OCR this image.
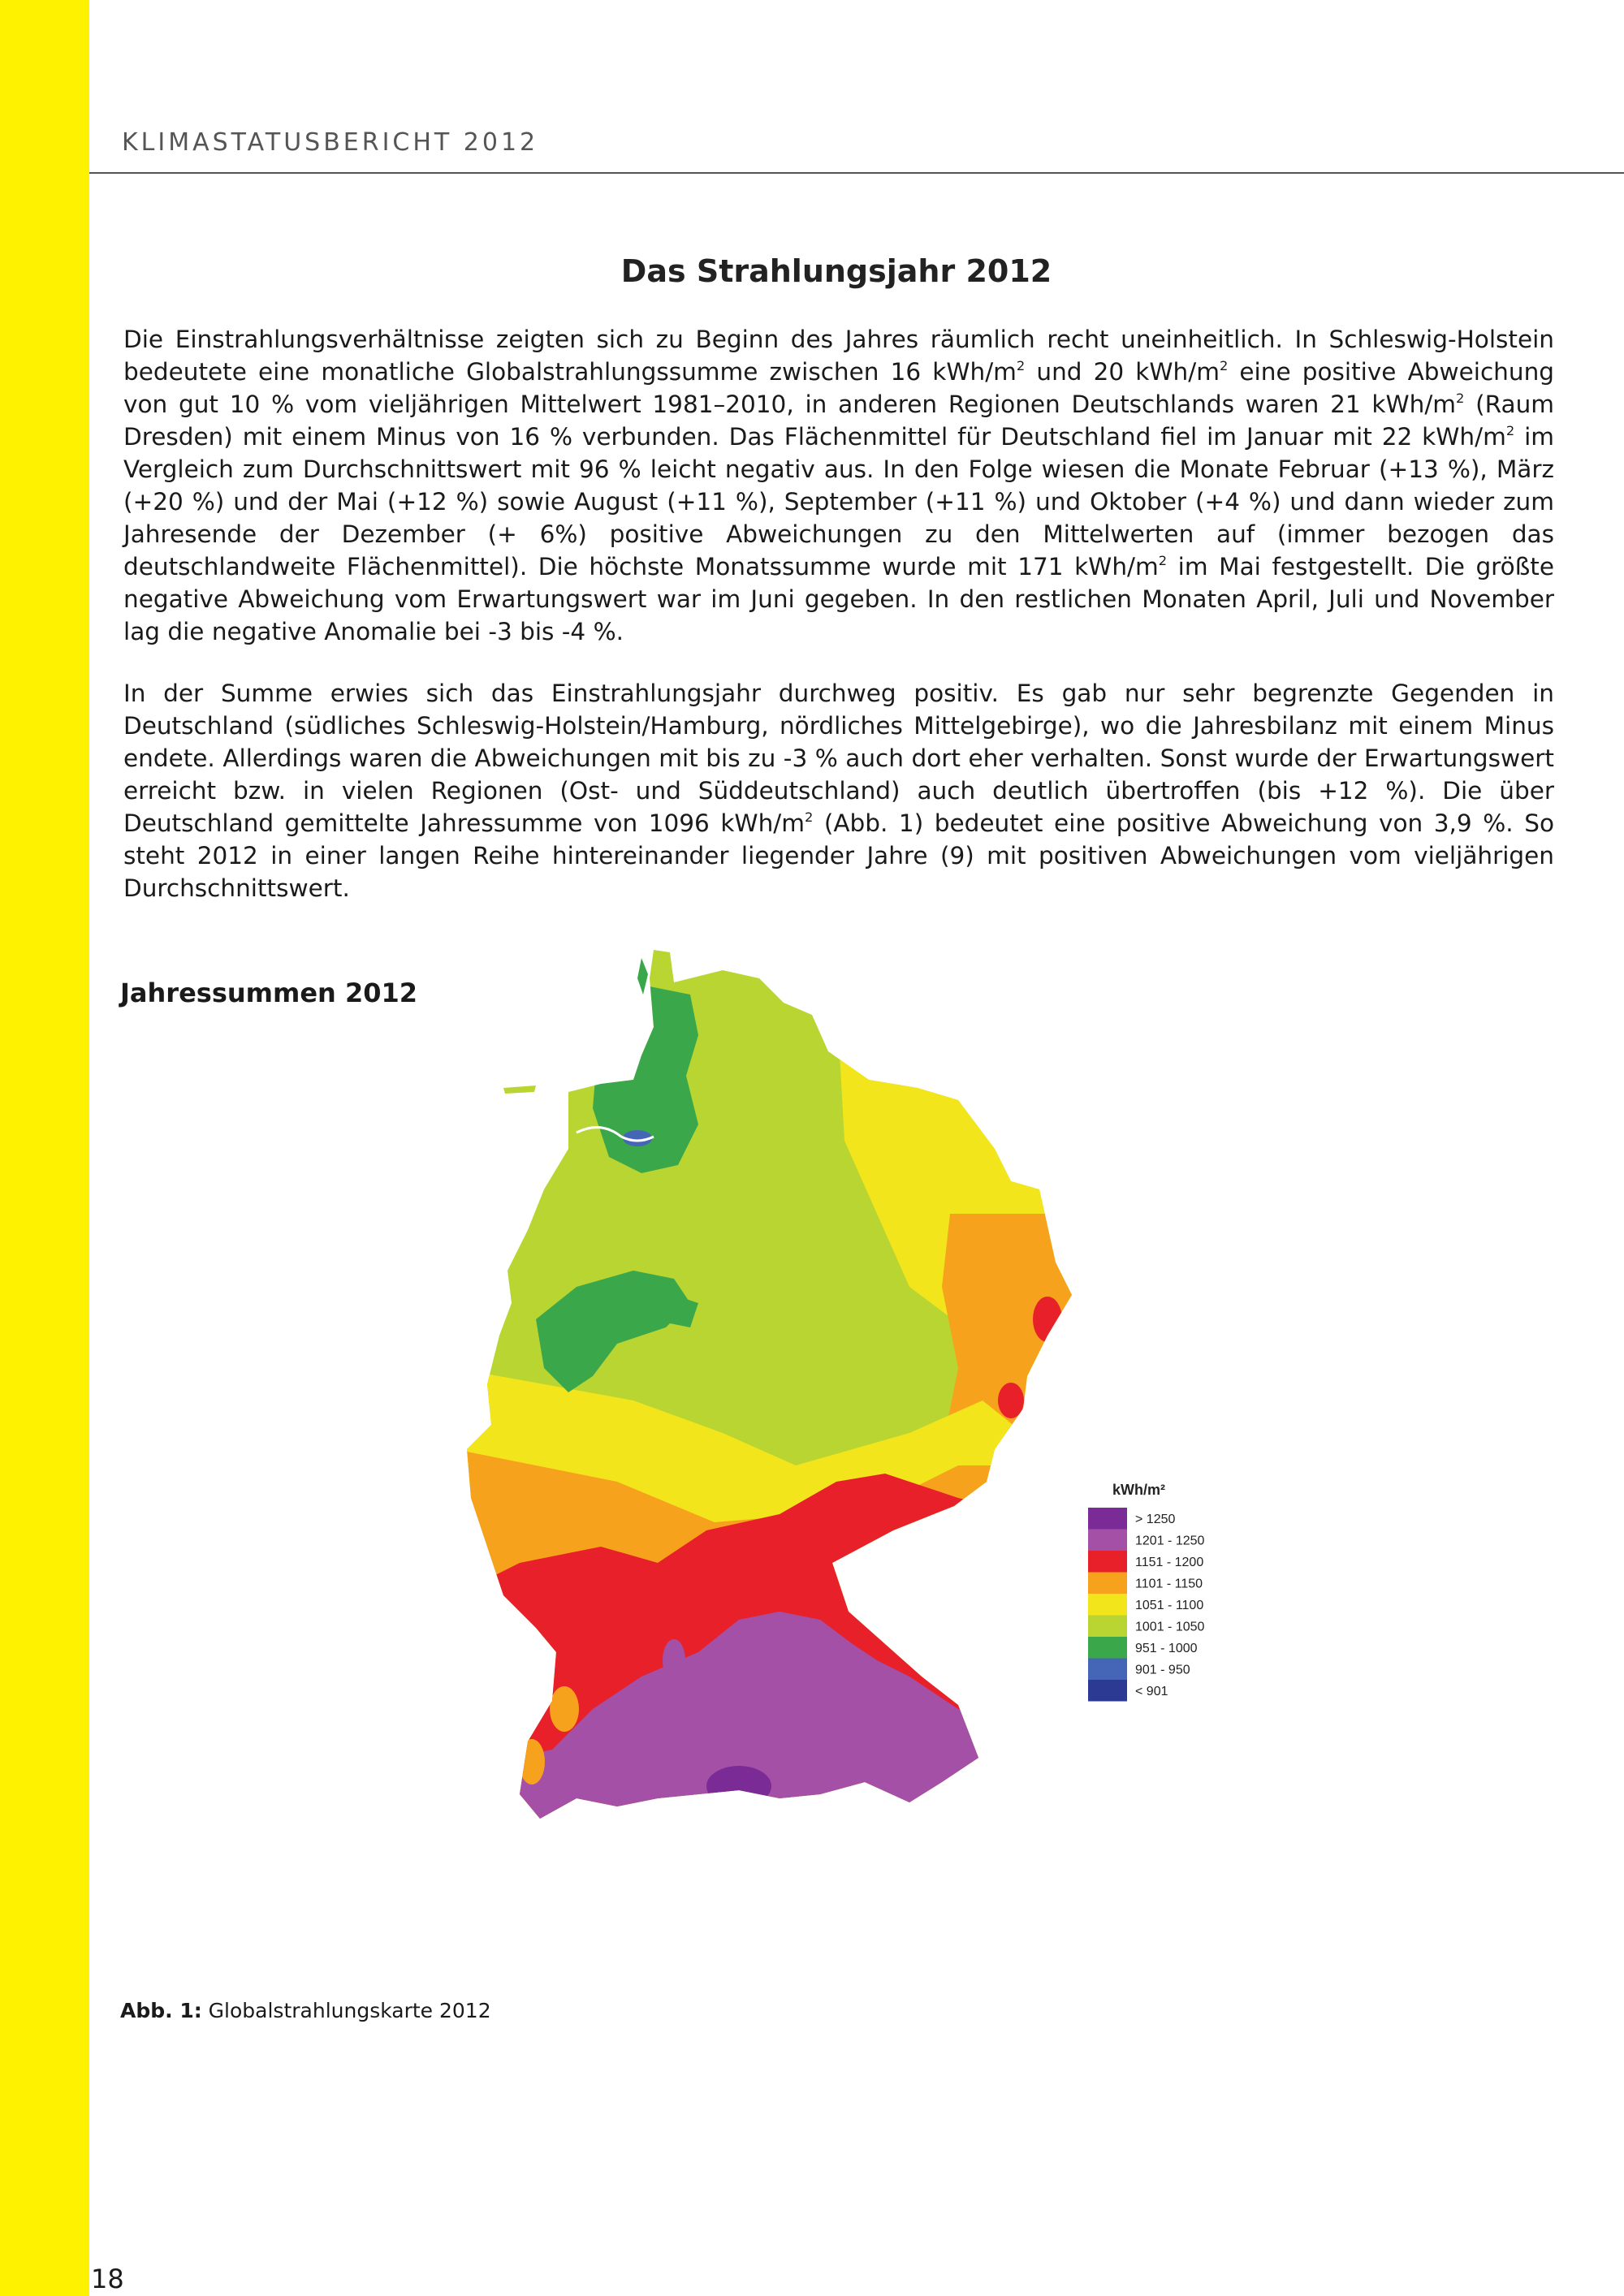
KLIMASTATUSBERICHT 2012
Das Strahlungsjahr 2012

Die Einstrahlungsverhältnisse zeigten sich zu Beginn des Jahres räumlich recht uneinheitlich. In Schleswig-Holstein bedeutete eine monatliche Globalstrahlungssumme zwischen 16 kWh/$m^2$ und 20 kWh/$m^2$ eine positive Abweichung von gut 10 % vom vieljährigen Mittelwert 1981–2010, in anderen Regionen Deutschlands waren 21 kWh/$m^2$ (Raum Dresden) mit einem Minus von 16 % verbunden. Das Flächenmittel für Deutschland fiel im Januar mit 22 kWh/$m^2$ im Vergleich zum Durchschnittswert mit 96 % leicht negativ aus. In den Folge wiesen die Monate Februar (+13 %), März (+20 %) und der Mai (+12 %) sowie August (+11 %), September (+11 %) und Oktober (+4 %) und dann wieder zum Jahresende der Dezember (+ 6%) positive Abweichungen zu den Mittelwerten auf (immer bezogen das deutschlandweite Flächenmittel). Die höchste Monatssumme wurde mit 171 kWh/$m^2$ im Mai festgestellt. Die größte negative Abweichung vom Erwartungswert war im Juni gegeben. In den restlichen Monaten April, Juli und November lag die negative Anomalie bei -3 bis -4 %.

In der Summe erwies sich das Einstrahlungsjahr durchweg positiv. Es gab nur sehr begrenzte Gegenden in Deutschland (südliches Schleswig-Holstein/Hamburg, nördliches Mittelgebirge), wo die Jahresbilanz mit einem Minus endete. Allerdings waren die Abweichungen mit bis zu -3 % auch dort eher verhalten. Sonst wurde der Erwartungswert erreicht bzw. in vielen Regionen (Ost- und Süddeutschland) auch deutlich übertroffen (bis +12 %). Die über Deutschland gemittelte Jahressumme von 1096 kWh/$m^2$ (Abb. 1) bedeutet eine positive Abweichung von 3,9 %. So steht 2012 in einer langen Reihe hintereinander liegender Jahre (9) mit positiven Abweichungen vom vieljährigen Durchschnittswert.

Jahressummen 2012
kWh/m²
> 1250
1201 - 1250
1151 - 1200
1101 - 1150
1051 - 1100
1001 - 1050
951 - 1000
901 - 950
< 901
Abb. 1: Globalstrahlungskarte 2012
18
